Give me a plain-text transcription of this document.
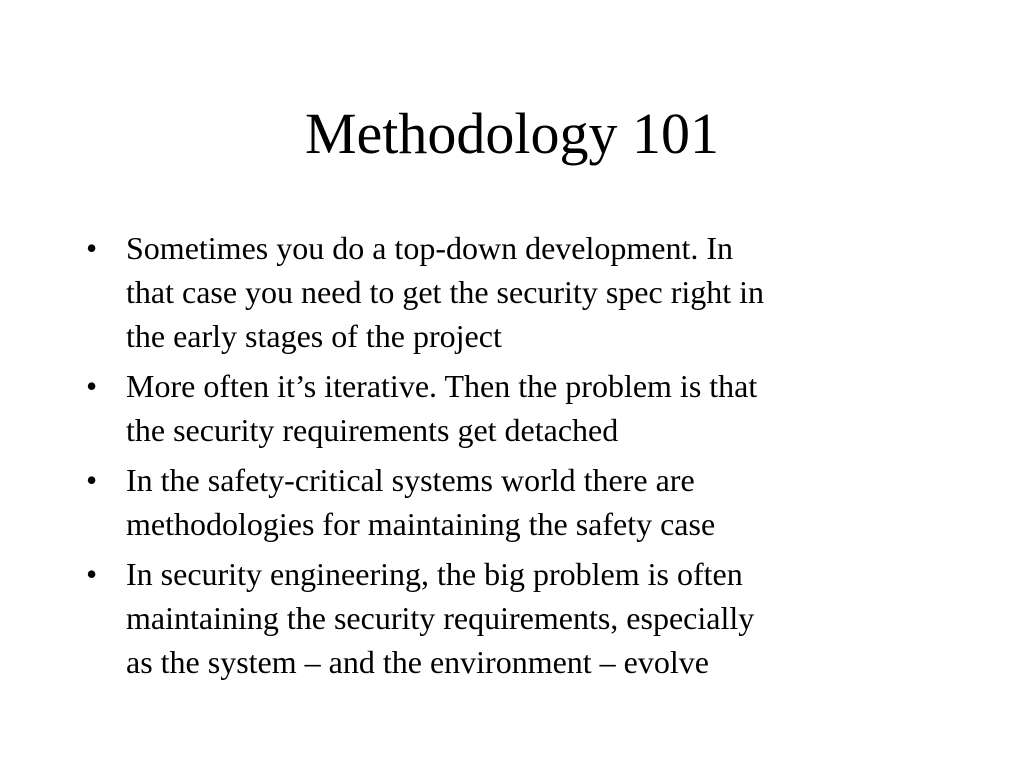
Methodology 101
• Sometimes you do a top-down development. In
that case you need to get the security spec right in
the early stages of the project
• More often it’s iterative. Then the problem is that
the security requirements get detached
• In the safety-critical systems world there are
methodologies for maintaining the safety case
• In security engineering, the big problem is often
maintaining the security requirements, especially
as the system – and the environment – evolve
